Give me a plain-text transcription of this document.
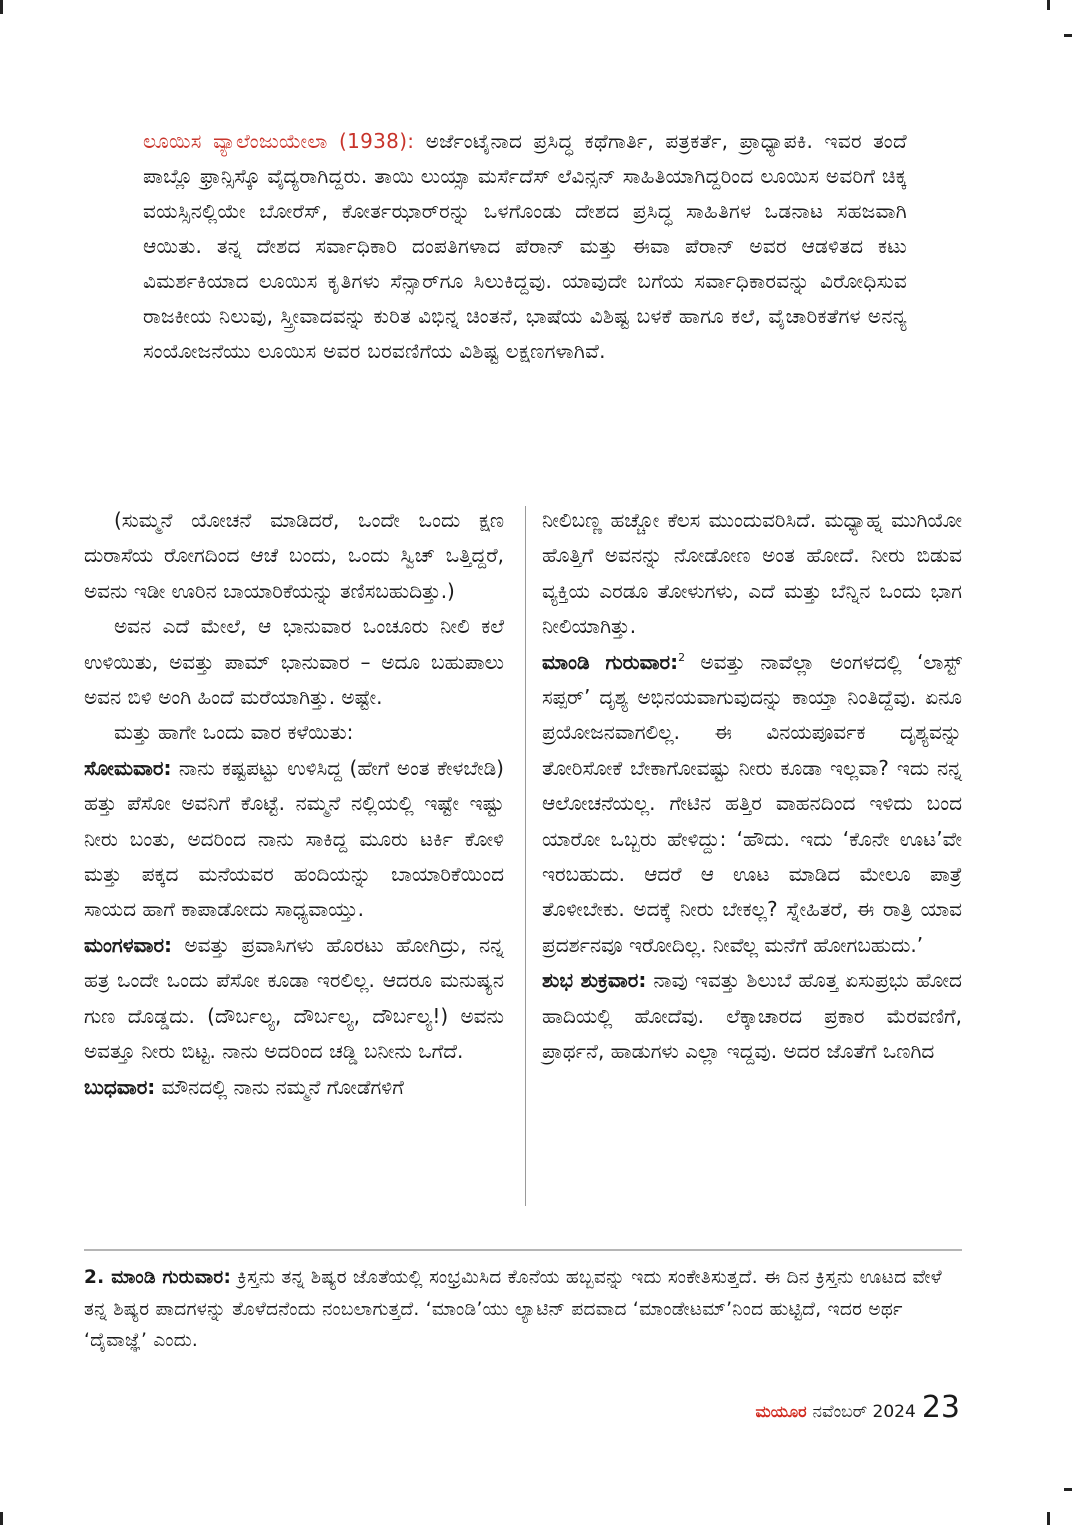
ಲೂಯಿಸ ವ್ಯಾಲೆಂಜುಯೇಲಾ (1938): ಅರ್ಜೆಂಟೈನಾದ ಪ್ರಸಿದ್ಧ ಕಥೆಗಾರ್ತಿ, ಪತ್ರಕರ್ತೆ, ಪ್ರಾಧ್ಯಾಪಕಿ. ಇವರ ತಂದೆ ಪಾಬ್ಲೊ ಫ್ರಾನ್ಸಿಸ್ಕೊ ವೈದ್ಯರಾಗಿದ್ದರು. ತಾಯಿ ಲುಯ್ಸಾ ಮರ್ಸೆದೆಸ್ ಲೆವಿನ್ಸನ್ ಸಾಹಿತಿಯಾಗಿದ್ದರಿಂದ ಲೂಯಿಸ ಅವರಿಗೆ ಚಿಕ್ಕ ವಯಸ್ಸಿನಲ್ಲಿಯೇ ಬೋರೆಸ್, ಕೋರ್ತಝಾರ್‌ರನ್ನು ಒಳಗೊಂಡು ದೇಶದ ಪ್ರಸಿದ್ಧ ಸಾಹಿತಿಗಳ ಒಡನಾಟ ಸಹಜವಾಗಿ ಆಯಿತು. ತನ್ನ ದೇಶದ ಸರ್ವಾಧಿಕಾರಿ ದಂಪತಿಗಳಾದ ಪೆರಾನ್ ಮತ್ತು ಈವಾ ಪೆರಾನ್ ಅವರ ಆಡಳಿತದ ಕಟು ವಿಮರ್ಶಕಿಯಾದ ಲೂಯಿಸ ಕೃತಿಗಳು ಸೆನ್ಸಾರ್‌ಗೂ ಸಿಲುಕಿದ್ದವು. ಯಾವುದೇ ಬಗೆಯ ಸರ್ವಾಧಿಕಾರವನ್ನು ವಿರೋಧಿಸುವ ರಾಜಕೀಯ ನಿಲುವು, ಸ್ತ್ರೀವಾದವನ್ನು ಕುರಿತ ವಿಭಿನ್ನ ಚಿಂತನೆ, ಭಾಷೆಯ ವಿಶಿಷ್ಟ ಬಳಕೆ ಹಾಗೂ ಕಲೆ, ವೈಚಾರಿಕತೆಗಳ ಅನನ್ಯ ಸಂಯೋಜನೆಯು ಲೂಯಿಸ ಅವರ ಬರವಣಿಗೆಯ ವಿಶಿಷ್ಟ ಲಕ್ಷಣಗಳಾಗಿವೆ.

(ಸುಮ್ಮನೆ ಯೋಚನೆ ಮಾಡಿದರೆ, ಒಂದೇ ಒಂದು ಕ್ಷಣ ದುರಾಸೆಯ ರೋಗದಿಂದ ಆಚೆ ಬಂದು, ಒಂದು ಸ್ವಿಚ್ ಒತ್ತಿದ್ದರೆ, ಅವನು ಇಡೀ ಊರಿನ ಬಾಯಾರಿಕೆಯನ್ನು ತಣಿಸಬಹುದಿತ್ತು.)

ಅವನ ಎದೆ ಮೇಲೆ, ಆ ಭಾನುವಾರ ಒಂಚೂರು ನೀಲಿ ಕಲೆ ಉಳಿಯಿತು, ಅವತ್ತು ಪಾಮ್ ಭಾನುವಾರ – ಅದೂ ಬಹುಪಾಲು ಅವನ ಬಿಳಿ ಅಂಗಿ ಹಿಂದೆ ಮರೆಯಾಗಿತ್ತು. ಅಷ್ಟೇ.

ಮತ್ತು ಹಾಗೇ ಒಂದು ವಾರ ಕಳೆಯಿತು:

ಸೋಮವಾರ: ನಾನು ಕಷ್ಟಪಟ್ಟು ಉಳಿಸಿದ್ದ (ಹೇಗೆ ಅಂತ ಕೇಳಬೇಡಿ) ಹತ್ತು ಪೆಸೋ ಅವನಿಗೆ ಕೊಟ್ಟೆ. ನಮ್ಮನೆ ನಲ್ಲಿಯಲ್ಲಿ ಇಷ್ಟೇ ಇಷ್ಟು ನೀರು ಬಂತು, ಅದರಿಂದ ನಾನು ಸಾಕಿದ್ದ ಮೂರು ಟರ್ಕಿ ಕೋಳಿ ಮತ್ತು ಪಕ್ಕದ ಮನೆಯವರ ಹಂದಿಯನ್ನು ಬಾಯಾರಿಕೆಯಿಂದ ಸಾಯದ ಹಾಗೆ ಕಾಪಾಡೋದು ಸಾಧ್ಯವಾಯ್ತು.

ಮಂಗಳವಾರ: ಅವತ್ತು ಪ್ರವಾಸಿಗಳು ಹೊರಟು ಹೋಗಿದ್ರು, ನನ್ನ ಹತ್ರ ಒಂದೇ ಒಂದು ಪೆಸೋ ಕೂಡಾ ಇರಲಿಲ್ಲ. ಆದರೂ ಮನುಷ್ಯನ ಗುಣ ದೊಡ್ಡದು. (ದೌರ್ಬಲ್ಯ, ದೌರ್ಬಲ್ಯ, ದೌರ್ಬಲ್ಯ!) ಅವನು ಅವತ್ತೂ ನೀರು ಬಿಟ್ಟ. ನಾನು ಅದರಿಂದ ಚಡ್ಡಿ ಬನೀನು ಒಗೆದೆ.

ಬುಧವಾರ: ಮೌನದಲ್ಲಿ ನಾನು ನಮ್ಮನೆ ಗೋಡೆಗಳಿಗೆ

ನೀಲಿಬಣ್ಣ ಹಚ್ಚೋ ಕೆಲಸ ಮುಂದುವರಿಸಿದೆ. ಮಧ್ಯಾಹ್ನ ಮುಗಿಯೋ ಹೊತ್ತಿಗೆ ಅವನನ್ನು ನೋಡೋಣ ಅಂತ ಹೋದೆ. ನೀರು ಬಿಡುವ ವ್ಯಕ್ತಿಯ ಎರಡೂ ತೋಳುಗಳು, ಎದೆ ಮತ್ತು ಬೆನ್ನಿನ ಒಂದು ಭಾಗ ನೀಲಿಯಾಗಿತ್ತು.

ಮಾಂಡಿ ಗುರುವಾರ:$^2$ ಅವತ್ತು ನಾವೆಲ್ಲಾ ಅಂಗಳದಲ್ಲಿ ‘ಲಾಸ್ಟ್ ಸಪ್ಪರ್’ ದೃಶ್ಯ ಅಭಿನಯವಾಗುವುದನ್ನು ಕಾಯ್ತಾ ನಿಂತಿದ್ದೆವು. ಏನೂ ಪ್ರಯೋಜನವಾಗಲಿಲ್ಲ. ಈ ವಿನಯಪೂರ್ವಕ ದೃಶ್ಯವನ್ನು ತೋರಿಸೋಕೆ ಬೇಕಾಗೋವಷ್ಟು ನೀರು ಕೂಡಾ ಇಲ್ಲವಾ? ಇದು ನನ್ನ ಆಲೋಚನೆಯಲ್ಲ. ಗೇಟಿನ ಹತ್ತಿರ ವಾಹನದಿಂದ ಇಳಿದು ಬಂದ ಯಾರೋ ಒಬ್ಬರು ಹೇಳಿದ್ದು: ‘ಹೌದು. ಇದು ‘ಕೊನೇ ಊಟ’ವೇ ಇರಬಹುದು. ಆದರೆ ಆ ಊಟ ಮಾಡಿದ ಮೇಲೂ ಪಾತ್ರೆ ತೊಳೀಬೇಕು. ಅದಕ್ಕೆ ನೀರು ಬೇಕಲ್ಲ? ಸ್ನೇಹಿತರೆ, ಈ ರಾತ್ರಿ ಯಾವ ಪ್ರದರ್ಶನವೂ ಇರೋದಿಲ್ಲ. ನೀವೆಲ್ಲ ಮನೆಗೆ ಹೋಗಬಹುದು.’

ಶುಭ ಶುಕ್ರವಾರ: ನಾವು ಇವತ್ತು ಶಿಲುಬೆ ಹೊತ್ತ ಏಸುಪ್ರಭು ಹೋದ ಹಾದಿಯಲ್ಲಿ ಹೋದೆವು. ಲೆಕ್ಕಾಚಾರದ ಪ್ರಕಾರ ಮೆರವಣಿಗೆ, ಪ್ರಾರ್ಥನೆ, ಹಾಡುಗಳು ಎಲ್ಲಾ ಇದ್ದವು. ಅದರ ಜೊತೆಗೆ ಒಣಗಿದ

2. ಮಾಂಡಿ ಗುರುವಾರ: ಕ್ರಿಸ್ತನು ತನ್ನ ಶಿಷ್ಯರ ಜೊತೆಯಲ್ಲಿ ಸಂಭ್ರಮಿಸಿದ ಕೊನೆಯ ಹಬ್ಬವನ್ನು ಇದು ಸಂಕೇತಿಸುತ್ತದೆ. ಈ ದಿನ ಕ್ರಿಸ್ತನು ಊಟದ ವೇಳೆ ತನ್ನ ಶಿಷ್ಯರ ಪಾದಗಳನ್ನು ತೊಳೆದನೆಂದು ನಂಬಲಾಗುತ್ತದೆ. ‘ಮಾಂಡಿ’ಯು ಲ್ಯಾಟಿನ್ ಪದವಾದ ‘ಮಾಂಡೇಟಮ್’ನಿಂದ ಹುಟ್ಟಿದೆ, ಇದರ ಅರ್ಥ ‘ದೈವಾಜ್ಞೆ’ ಎಂದು.
ಮಯೂರ ನವೆಂಬರ್ 2024 23
